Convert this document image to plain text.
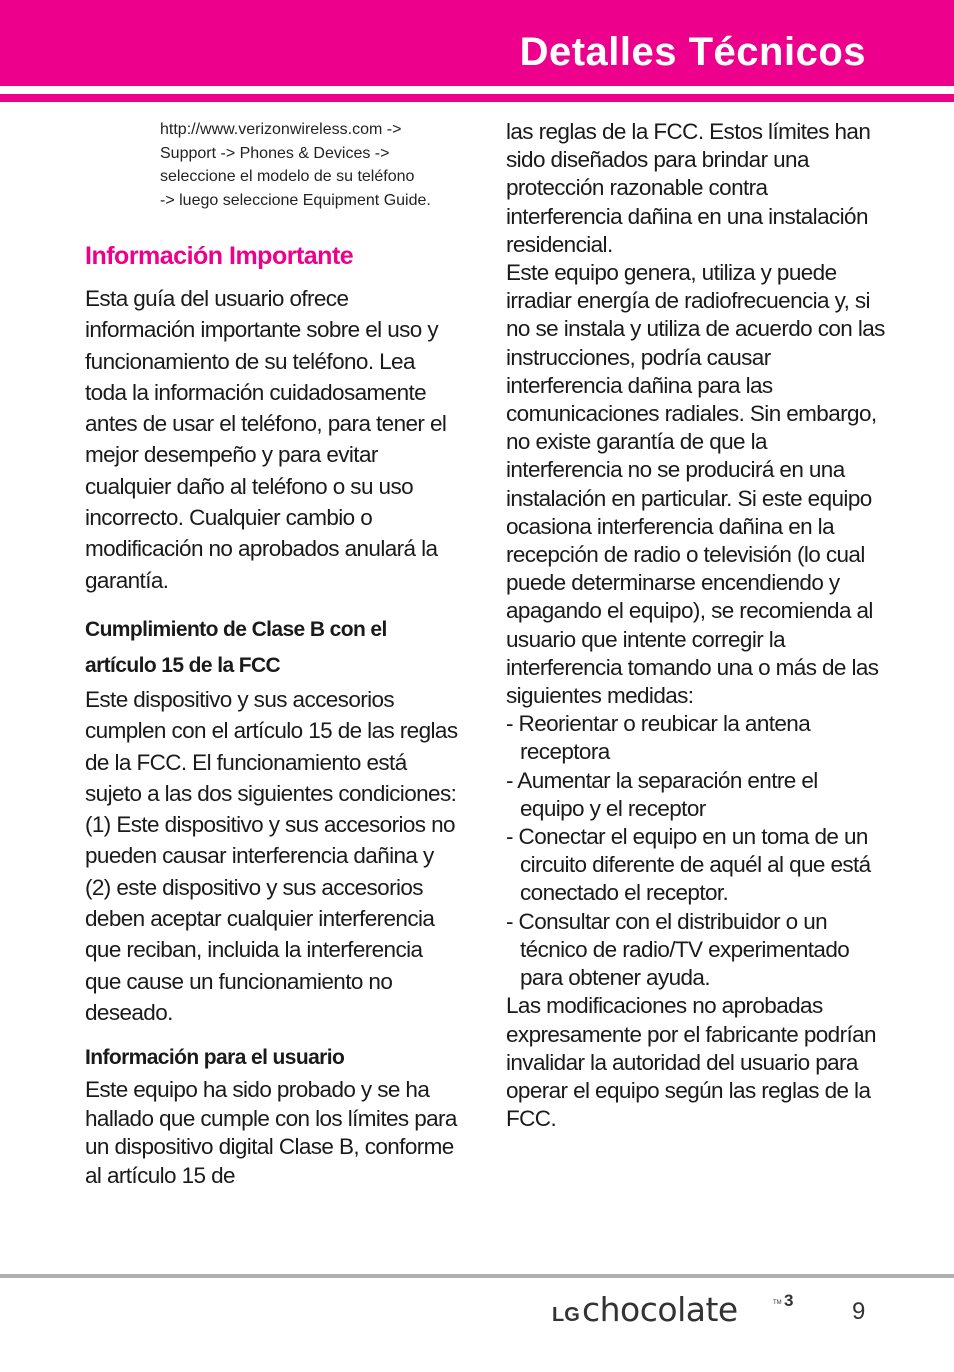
Detalles Técnicos
http://www.verizonwireless.com ->
Support -> Phones & Devices ->
seleccione el modelo de su teléfono
-> luego seleccione Equipment Guide.
Información Importante
Esta guía del usuario ofrece información importante sobre el uso y funcionamiento de su teléfono. Lea toda la información cuidadosamente antes de usar el teléfono, para tener el mejor desempeño y para evitar cualquier daño al teléfono o su uso incorrecto. Cualquier cambio o modificación no aprobados anulará la garantía.
Cumplimiento de Clase B con el artículo 15 de la FCC
Este dispositivo y sus accesorios cumplen con el artículo 15 de las reglas de la FCC. El funcionamiento está sujeto a las dos siguientes condiciones: (1) Este dispositivo y sus accesorios no pueden causar interferencia dañina y (2) este dispositivo y sus accesorios deben aceptar cualquier interferencia que reciban, incluida la interferencia que cause un funcionamiento no deseado.
Información para el usuario
Este equipo ha sido probado y se ha hallado que cumple con los límites para un dispositivo digital Clase B, conforme al artículo 15 de

las reglas de la FCC. Estos límites han sido diseñados para brindar una protección razonable contra interferencia dañina en una instalación residencial.

Este equipo genera, utiliza y puede irradiar energía de radiofrecuencia y, si no se instala y utiliza de acuerdo con las instrucciones, podría causar interferencia dañina para las comunicaciones radiales. Sin embargo, no existe garantía de que la interferencia no se producirá en una instalación en particular. Si este equipo ocasiona interferencia dañina en la recepción de radio o televisión (lo cual puede determinarse encendiendo y apagando el equipo), se recomienda al usuario que intente corregir la interferencia tomando una o más de las siguientes medidas:

- Reorientar o reubicar la antena receptora
- Aumentar la separación entre el equipo y el receptor
- Conectar el equipo en un toma de un circuito diferente de aquél al que está conectado el receptor.
- Consultar con el distribuidor o un técnico de radio/TV experimentado para obtener ayuda.

Las modificaciones no aprobadas expresamente por el fabricante podrían invalidar la autoridad del usuario para operar el equipo según las reglas de la FCC.

LG chocolate	TM 3 9
